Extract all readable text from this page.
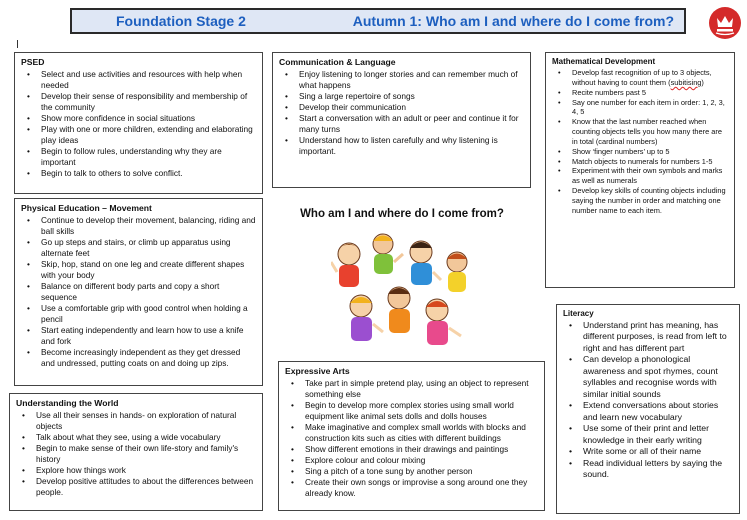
Foundation Stage 2	Autumn 1: Who am I and where do I come from?
PSED
• Select and use activities and resources with help when needed
• Develop their sense of responsibility and membership of the community
• Show more confidence in social situations
• Play with one or more children, extending and elaborating play ideas
• Begin to follow rules, understanding why they are important
• Begin to talk to others to solve conflict.
Physical Education – Movement
• Continue to develop their movement, balancing, riding and ball skills
• Go up steps and stairs, or climb up apparatus using alternate feet
• Skip, hop, stand on one leg and create different shapes with your body
• Balance on different body parts and copy a short sequence
• Use a comfortable grip with good control when holding a pencil
• Start eating independently and learn how to use a knife and fork
• Become increasingly independent as they get dressed and undressed, putting coats on and doing up zips.
Understanding the World
• Use all their senses in hands- on exploration of natural objects
• Talk about what they see, using a wide vocabulary
• Begin to make sense of their own life-story and family's history
• Explore how things work
• Develop positive attitudes to about the differences between people.
Communication & Language
• Enjoy listening to longer stories and can remember much of what happens
• Sing a large repertoire of songs
• Develop their communication
• Start a conversation with an adult or peer and continue it for many turns
• Understand how to listen carefully and why listening is important.
Who am I and where do I come from?
Expressive Arts
• Take part in simple pretend play, using an object to represent something else
• Begin to develop more complex stories using small world equipment like animal sets dolls and dolls houses
• Make imaginative and complex small worlds with blocks and construction kits such as cities with different buildings
• Show different emotions in their drawings and paintings
• Explore colour and colour mixing
• Sing a pitch of a tone sung by another person
• Create their own songs or improvise a song around one they already know.
Mathematical Development
• Develop fast recognition of up to 3 objects, without having to count them (subitising)
• Recite numbers past 5
• Say one number for each item in order: 1, 2, 3, 4, 5
• Know that the last number reached when counting objects tells you how many there are in total (cardinal numbers)
• Show ‘finger numbers’ up to 5
• Match objects to numerals for numbers 1-5
• Experiment with their own symbols and marks as well as numerals
• Develop key skills of counting objects including saying the number in order and matching one number name to each item.
Literacy
• Understand print has meaning, has different purposes, is read from left to right and has different part
• Can develop a phonological awareness and spot rhymes, count syllables and recognise words with similar initial sounds
• Extend conversations about stories and learn new vocabulary
• Use some of their print and letter knowledge in their early writing
• Write some or all of their name
• Read individual letters by saying the sound.
